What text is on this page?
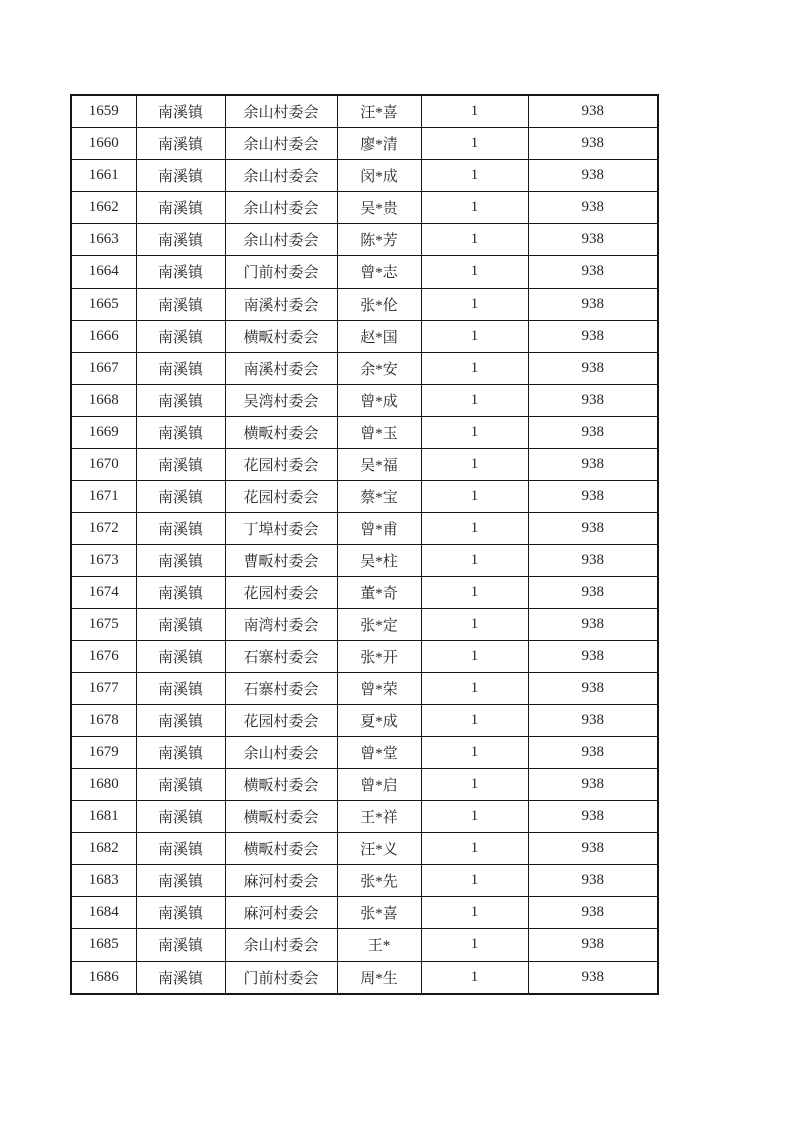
1659	南溪镇	余山村委会	汪*喜	1	938
1660	南溪镇	余山村委会	廖*清	1	938
1661	南溪镇	余山村委会	闵*成	1	938
1662	南溪镇	余山村委会	吴*贵	1	938
1663	南溪镇	余山村委会	陈*芳	1	938
1664	南溪镇	门前村委会	曾*志	1	938
1665	南溪镇	南溪村委会	张*伦	1	938
1666	南溪镇	横畈村委会	赵*国	1	938
1667	南溪镇	南溪村委会	余*安	1	938
1668	南溪镇	吴湾村委会	曾*成	1	938
1669	南溪镇	横畈村委会	曾*玉	1	938
1670	南溪镇	花园村委会	吴*福	1	938
1671	南溪镇	花园村委会	蔡*宝	1	938
1672	南溪镇	丁埠村委会	曾*甫	1	938
1673	南溪镇	曹畈村委会	吴*柱	1	938
1674	南溪镇	花园村委会	董*奇	1	938
1675	南溪镇	南湾村委会	张*定	1	938
1676	南溪镇	石寨村委会	张*开	1	938
1677	南溪镇	石寨村委会	曾*荣	1	938
1678	南溪镇	花园村委会	夏*成	1	938
1679	南溪镇	余山村委会	曾*堂	1	938
1680	南溪镇	横畈村委会	曾*启	1	938
1681	南溪镇	横畈村委会	王*祥	1	938
1682	南溪镇	横畈村委会	汪*义	1	938
1683	南溪镇	麻河村委会	张*先	1	938
1684	南溪镇	麻河村委会	张*喜	1	938
1685	南溪镇	余山村委会	王*	1	938
1686	南溪镇	门前村委会	周*生	1	938
